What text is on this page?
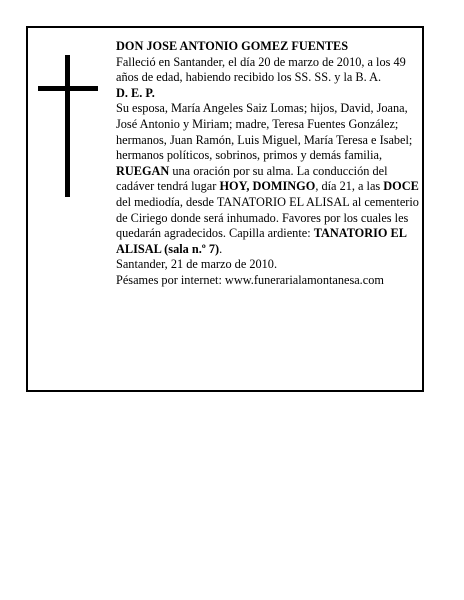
DON JOSE ANTONIO GOMEZ FUENTES

Falleció en Santander, el día 20 de marzo de 2010, a los 49 años de edad, habiendo recibido los SS. SS. y la B. A.

D. E. P.

Su esposa, María Angeles Saiz Lomas; hijos, David, Joana, José Antonio y Miriam; madre, Teresa Fuentes González; hermanos, Juan Ramón, Luis Miguel, María Teresa e Isabel; hermanos políticos, sobrinos, primos y demás familia,

RUEGAN una oración por su alma. La conducción del cadáver tendrá lugar HOY, DOMINGO, día 21, a las DOCE del mediodía, desde TANATORIO EL ALISAL al cementerio de Ciriego donde será inhumado. Favores por los cuales les quedarán agradecidos. Capilla ardiente: TANATORIO EL ALISAL (sala n.º 7).

Santander, 21 de marzo de 2010.

Pésames por internet: www.funerarialamontanesa.com
